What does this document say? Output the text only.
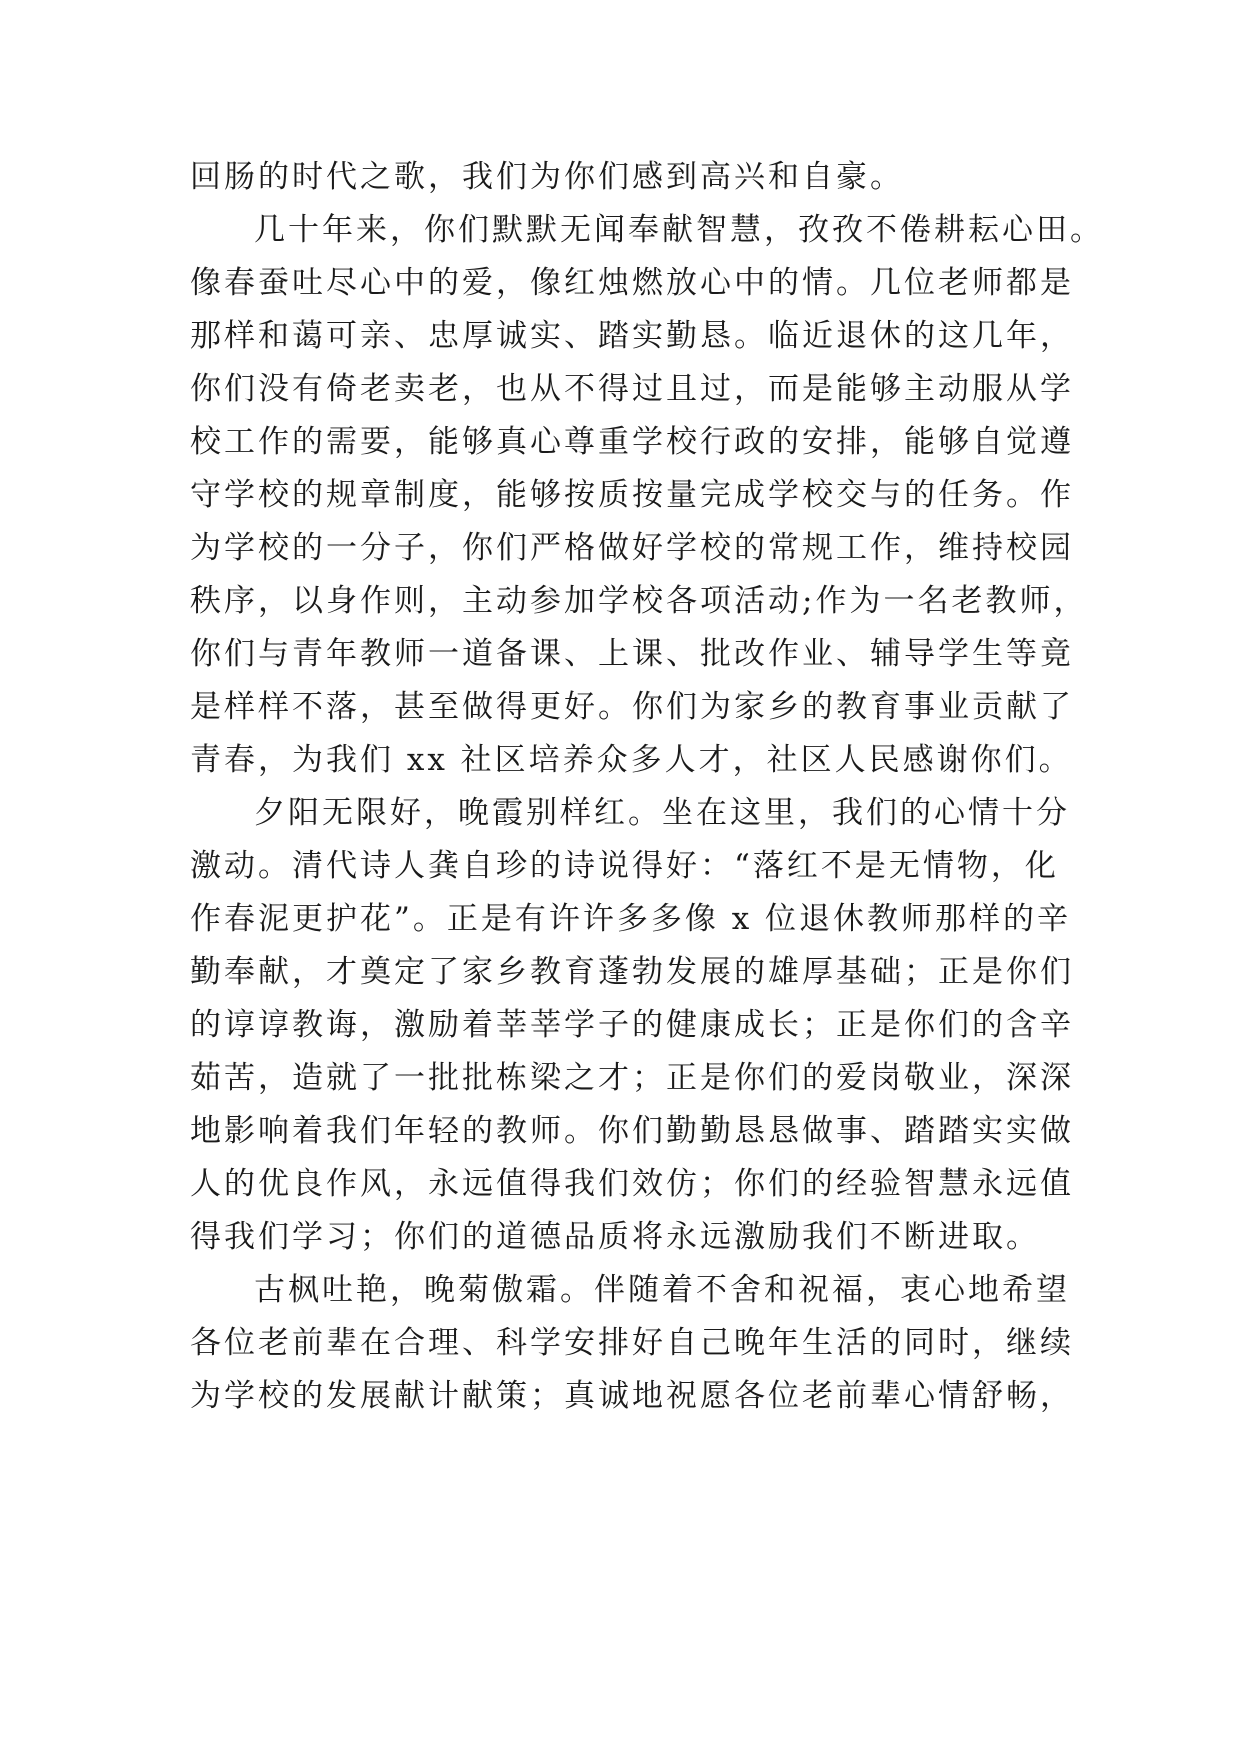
回肠的时代之歌，我们为你们感到高兴和自豪。
几十年来，你们默默无闻奉献智慧，孜孜不倦耕耘心田。
像春蚕吐尽心中的爱，像红烛燃放心中的情。几位老师都是
那样和蔼可亲、忠厚诚实、踏实勤恳。临近退休的这几年，
你们没有倚老卖老，也从不得过且过，而是能够主动服从学
校工作的需要，能够真心尊重学校行政的安排，能够自觉遵
守学校的规章制度，能够按质按量完成学校交与的任务。作
为学校的一分子，你们严格做好学校的常规工作，维持校园
秩序，以身作则，主动参加学校各项活动;作为一名老教师，
你们与青年教师一道备课、上课、批改作业、辅导学生等竟
是样样不落，甚至做得更好。你们为家乡的教育事业贡献了
青春，为我们 xx 社区培养众多人才，社区人民感谢你们。
夕阳无限好，晚霞别样红。坐在这里，我们的心情十分
激动。清代诗人龚自珍的诗说得好：“落红不是无情物，化
作春泥更护花”。正是有许许多多像 x 位退休教师那样的辛
勤奉献，才奠定了家乡教育蓬勃发展的雄厚基础；正是你们
的谆谆教诲，激励着莘莘学子的健康成长；正是你们的含辛
茹苦，造就了一批批栋梁之才；正是你们的爱岗敬业，深深
地影响着我们年轻的教师。你们勤勤恳恳做事、踏踏实实做
人的优良作风，永远值得我们效仿；你们的经验智慧永远值
得我们学习；你们的道德品质将永远激励我们不断进取。
古枫吐艳，晚菊傲霜。伴随着不舍和祝福，衷心地希望
各位老前辈在合理、科学安排好自己晚年生活的同时，继续
为学校的发展献计献策；真诚地祝愿各位老前辈心情舒畅，
